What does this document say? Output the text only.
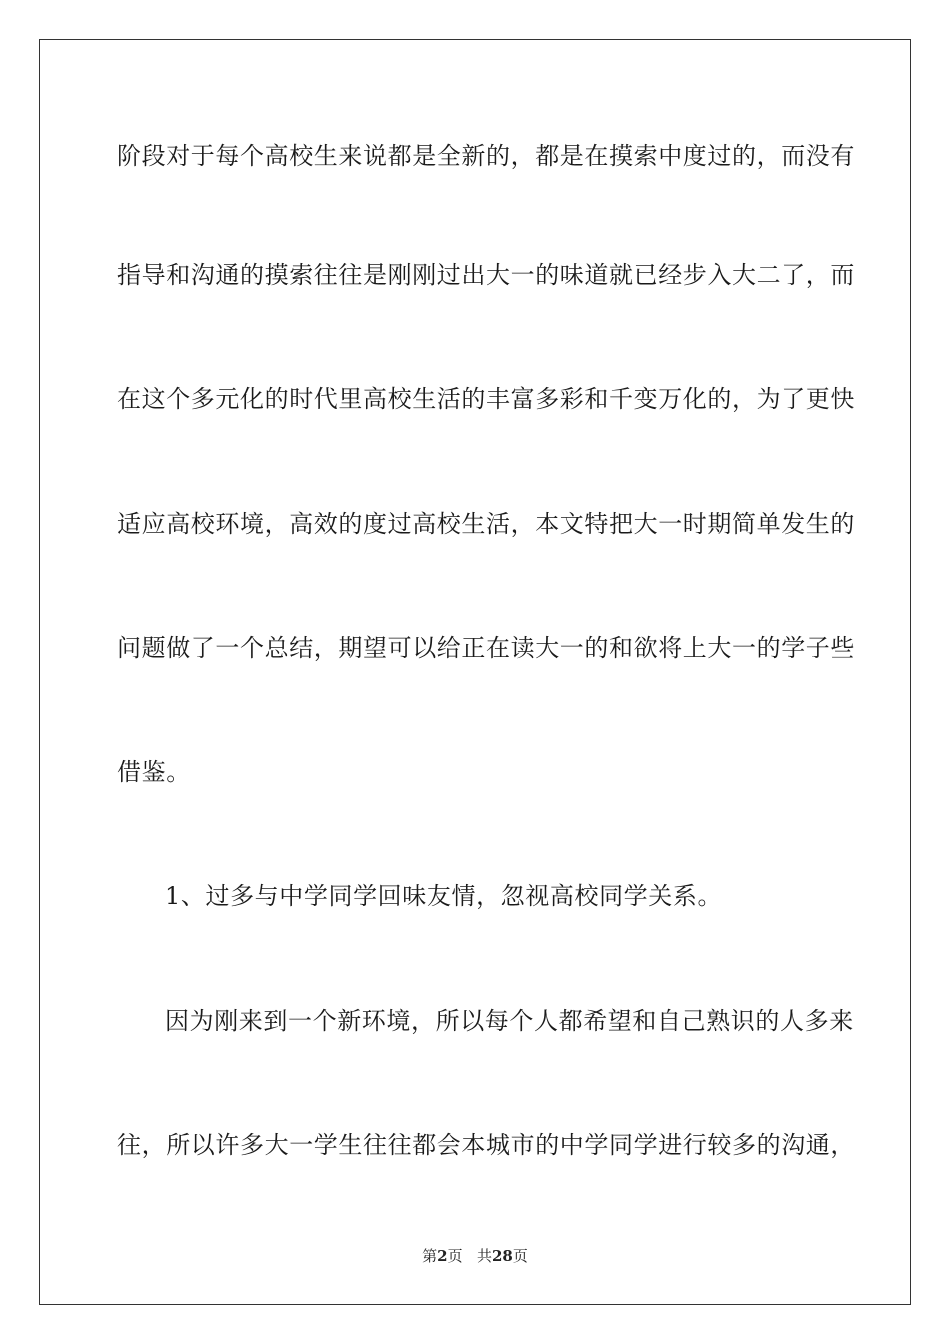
阶段对于每个高校生来说都是全新的，都是在摸索中度过的，而没有
指导和沟通的摸索往往是刚刚过出大一的味道就已经步入大二了，而
在这个多元化的时代里高校生活的丰富多彩和千变万化的，为了更快
适应高校环境，高效的度过高校生活，本文特把大一时期简单发生的
问题做了一个总结，期望可以给正在读大一的和欲将上大一的学子些
借鉴。
1、过多与中学同学回味友情，忽视高校同学关系。
因为刚来到一个新环境，所以每个人都希望和自己熟识的人多来
往，所以许多大一学生往往都会本城市的中学同学进行较多的沟通，
第2页 共28页
